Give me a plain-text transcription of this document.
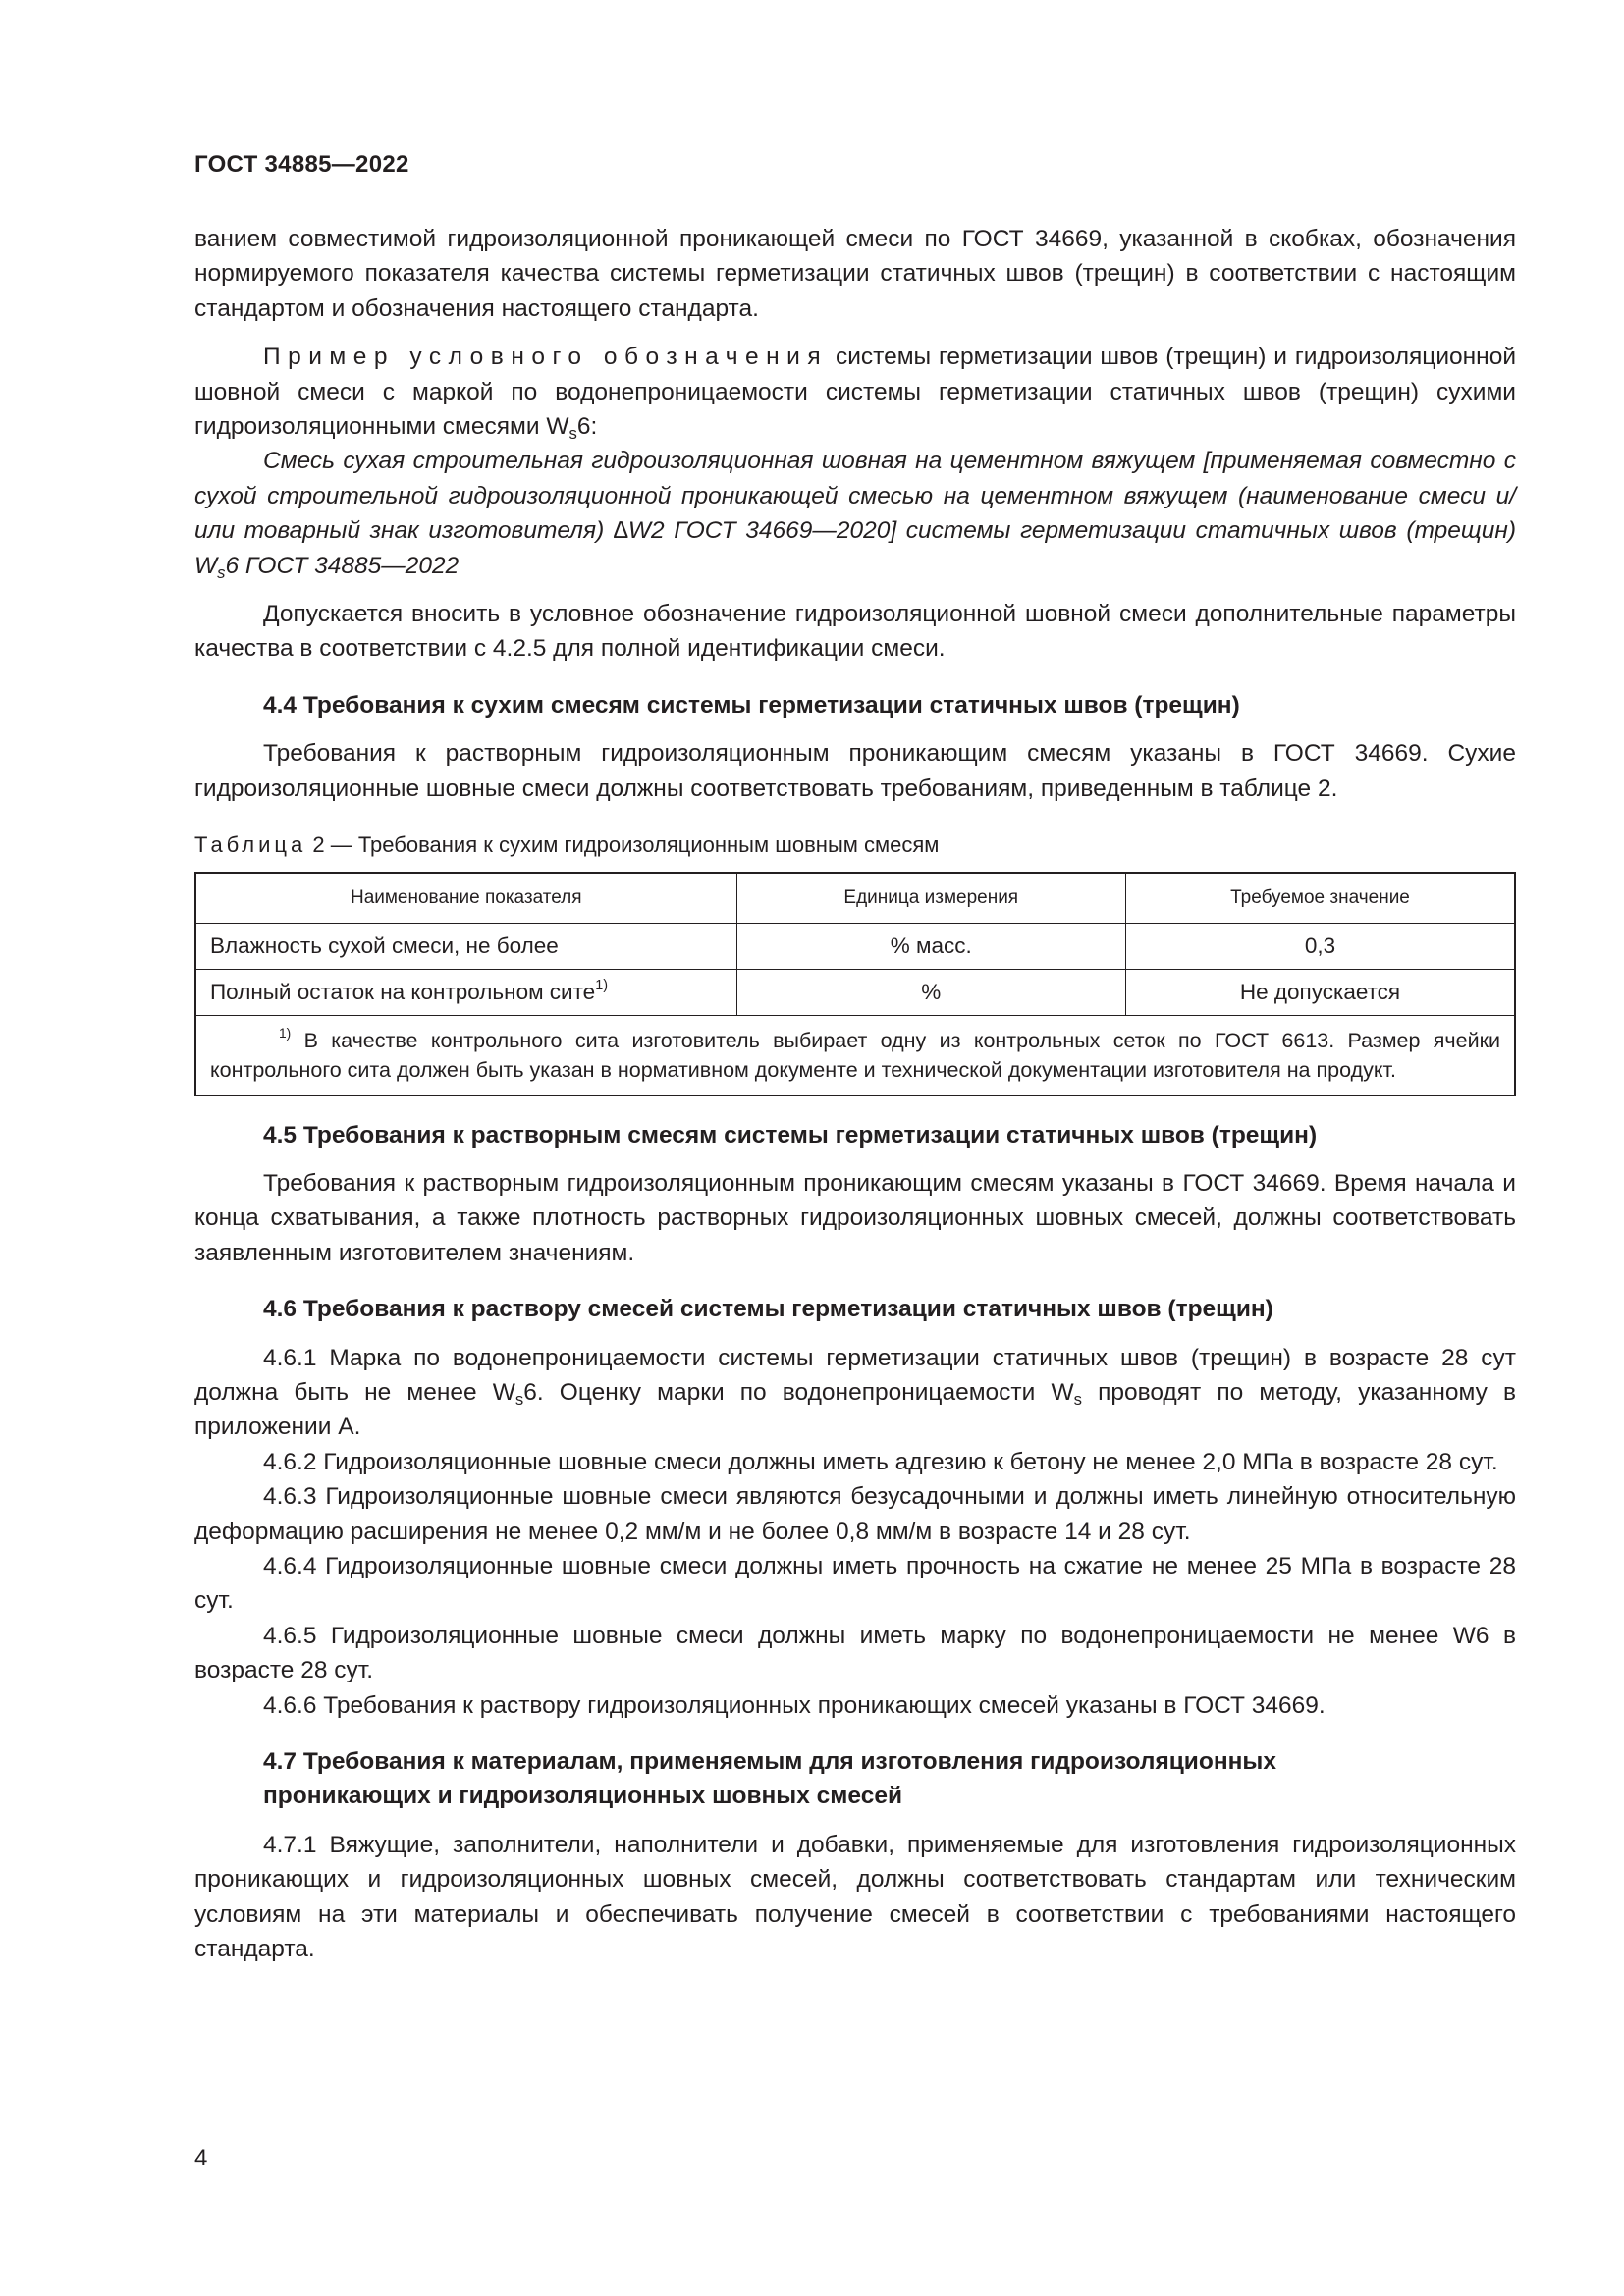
ГОСТ 34885—2022

ванием совместимой гидроизоляционной проникающей смеси по ГОСТ 34669, указанной в скобках, обозначения нормируемого показателя качества системы герметизации статичных швов (трещин) в соответствии с настоящим стандартом и обозначения настоящего стандарта.

Пример условного обозначения системы герметизации швов (трещин) и гидроизоляционной шовной смеси с маркой по водонепроницаемости системы герметизации статичных швов (трещин) сухими гидроизоляционными смесями $W_s6$:

Смесь сухая строительная гидроизоляционная шовная на цементном вяжущем [применяемая совместно с сухой строительной гидроизоляционной проникающей смесью на цементном вяжущем (наименование смеси и/или товарный знак изготовителя) ∆W2 ГОСТ 34669—2020] системы герметизации статичных швов (трещин) $W_s6$ ГОСТ 34885—2022

Допускается вносить в условное обозначение гидроизоляционной шовной смеси дополнительные параметры качества в соответствии с 4.2.5 для полной идентификации смеси.

4.4 Требования к сухим смесям системы герметизации статичных швов (трещин)

Требования к растворным гидроизоляционным проникающим смесям указаны в ГОСТ 34669. Сухие гидроизоляционные шовные смеси должны соответствовать требованиям, приведенным в таблице 2.

Таблица 2 — Требования к сухим гидроизоляционным шовным смесям
Наименование показателя	Единица измерения	Требуемое значение
Влажность сухой смеси, не более	% масс.	0,3
Полный остаток на контрольном сите$^{1)}$	%	Не допускается

$^{1)}$ В качестве контрольного сита изготовитель выбирает одну из контрольных сеток по ГОСТ 6613. Размер ячейки контрольного сита должен быть указан в нормативном документе и технической документации изготовителя на продукт.		
4.5 Требования к растворным смесям системы герметизации статичных швов (трещин)

Требования к растворным гидроизоляционным проникающим смесям указаны в ГОСТ 34669. Время начала и конца схватывания, а также плотность растворных гидроизоляционных шовных смесей, должны соответствовать заявленным изготовителем значениям.

4.6 Требования к раствору смесей системы герметизации статичных швов (трещин)

4.6.1 Марка по водонепроницаемости системы герметизации статичных швов (трещин) в возрасте 28 сут должна быть не менее $W_s6$. Оценку марки по водонепроницаемости $W_s$ проводят по методу, указанному в приложении А.

4.6.2 Гидроизоляционные шовные смеси должны иметь адгезию к бетону не менее 2,0 МПа в возрасте 28 сут.

4.6.3 Гидроизоляционные шовные смеси являются безусадочными и должны иметь линейную относительную деформацию расширения не менее 0,2 мм/м и не более 0,8 мм/м в возрасте 14 и 28 сут.

4.6.4 Гидроизоляционные шовные смеси должны иметь прочность на сжатие не менее 25 МПа в возрасте 28 сут.

4.6.5 Гидроизоляционные шовные смеси должны иметь марку по водонепроницаемости не менее W6 в возрасте 28 сут.

4.6.6 Требования к раствору гидроизоляционных проникающих смесей указаны в ГОСТ 34669.

4.7 Требования к материалам, применяемым для изготовления гидроизоляционных
проникающих и гидроизоляционных шовных смесей

4.7.1 Вяжущие, заполнители, наполнители и добавки, применяемые для изготовления гидроизоляционных проникающих и гидроизоляционных шовных смесей, должны соответствовать стандартам или техническим условиям на эти материалы и обеспечивать получение смесей в соответствии с требованиями настоящего стандарта.

4
